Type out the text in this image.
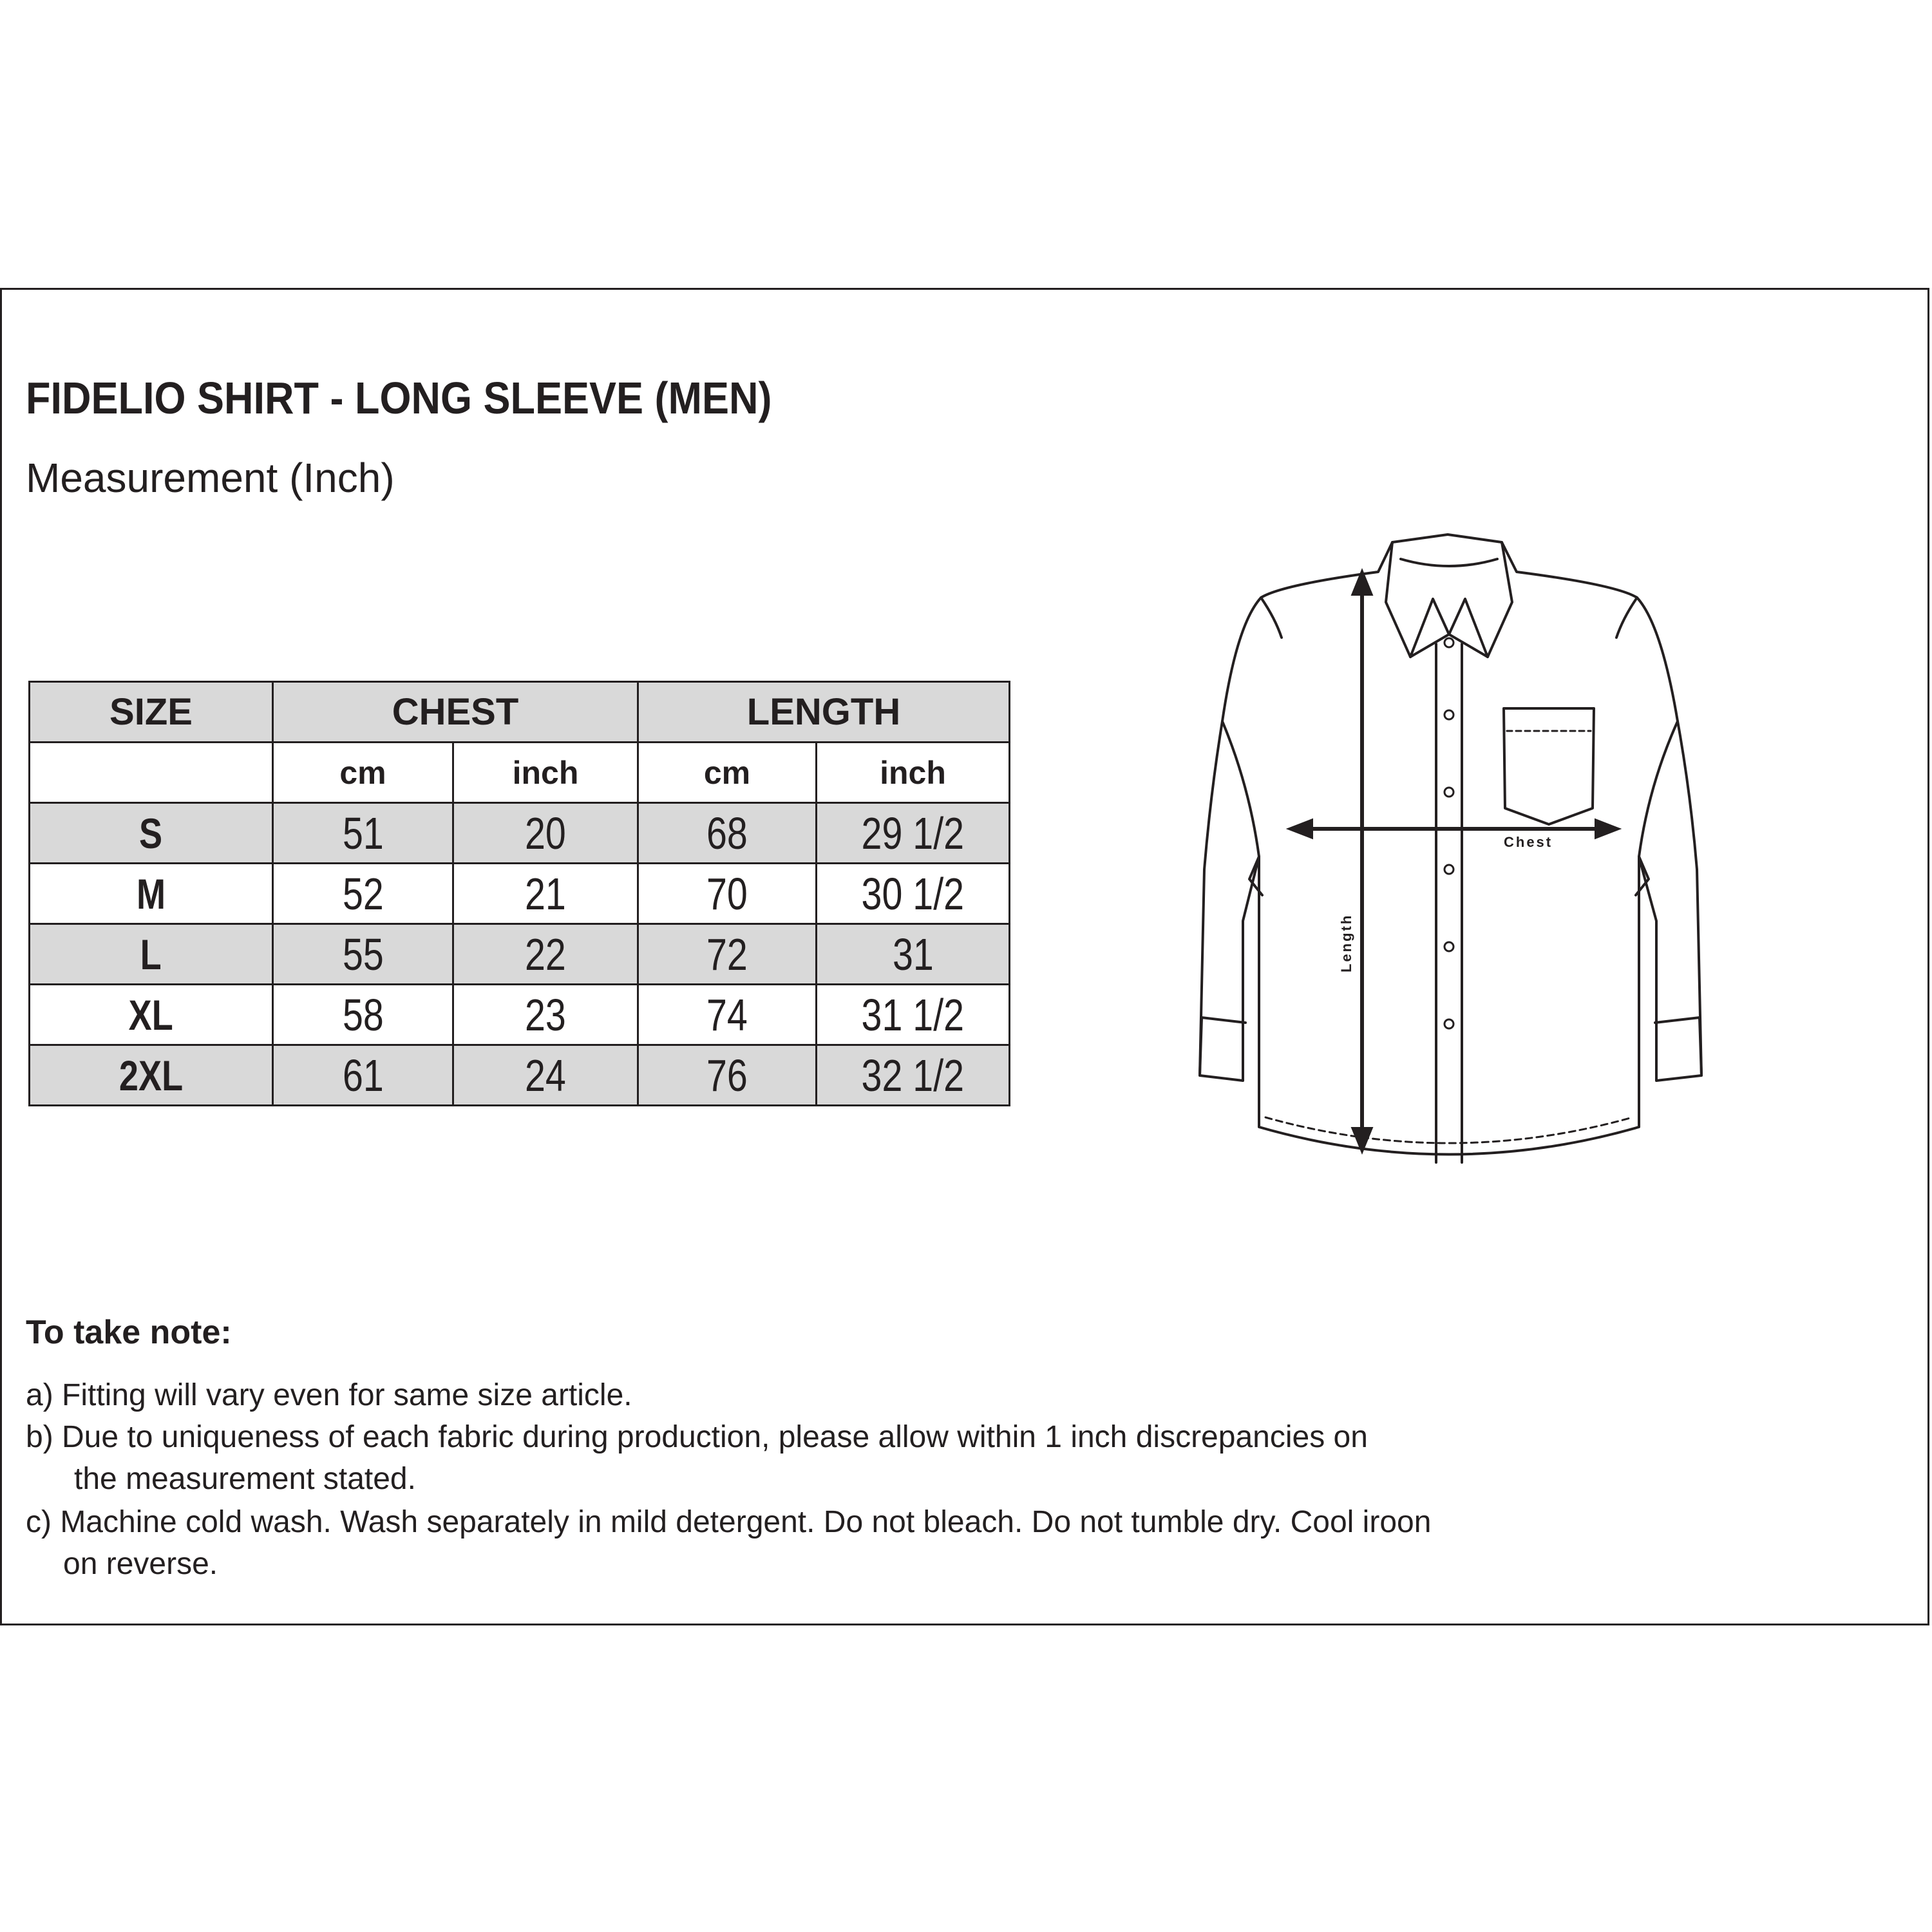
FIDELIO SHIRT - LONG SLEEVE (MEN)

Measurement (Inch)

SIZE	CHEST		LENGTH	
	cm	inch	cm	inch
S	51	20	68	29 1/2
M	52	21	70	30 1/2
L	55	22	72	31
XL	58	23	74	31 1/2
2XL	61	24	76	32 1/2
Chest
Length

To take note:

a) Fitting will vary even for same size article.

b) Due to uniqueness of each fabric during production, please allow within 1 inch discrepancies on

the measurement stated.

c) Machine cold wash. Wash separately in mild detergent. Do not bleach. Do not tumble dry. Cool iroon

on reverse.
